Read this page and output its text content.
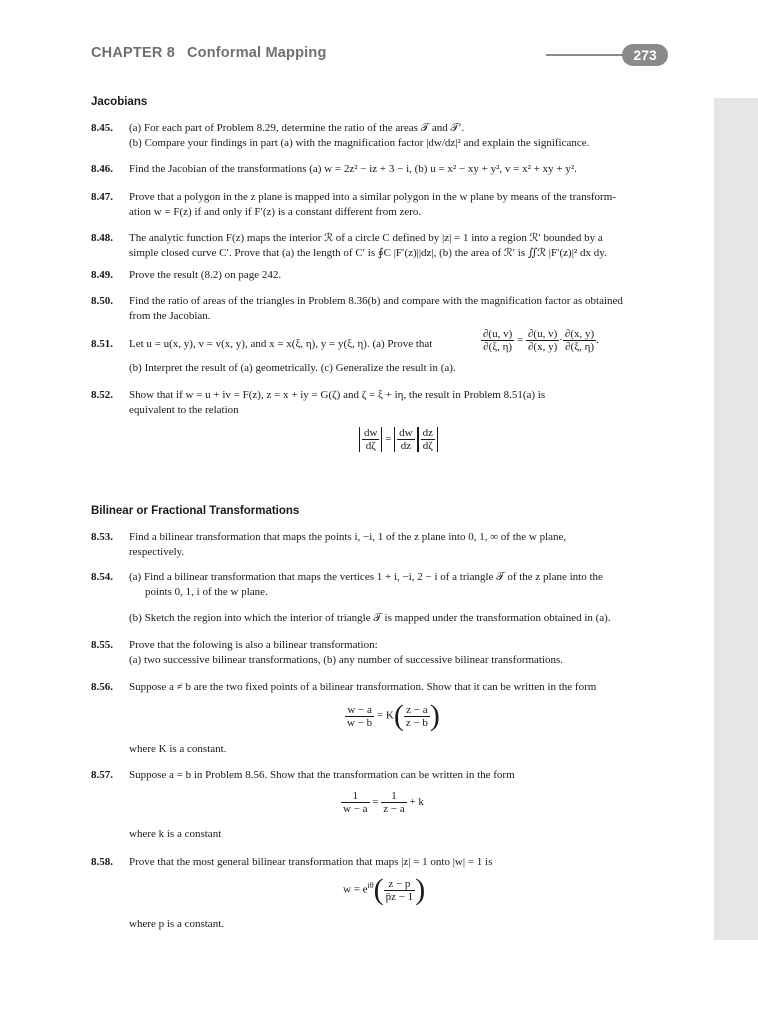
CHAPTER 8 Conformal Mapping	273
Jacobians
8.45. (a) For each part of Problem 8.29, determine the ratio of the areas 𝒯 and 𝒯′.
(b) Compare your findings in part (a) with the magnification factor |dw/dz|² and explain the significance.
8.46. Find the Jacobian of the transformations (a) w = 2z² − iz + 3 − i, (b) u = x² − xy + y², v = x² + xy + y².
8.47. Prove that a polygon in the z plane is mapped into a similar polygon in the w plane by means of the transform-
ation w = F(z) if and only if F′(z) is a constant different from zero.
8.48. The analytic function F(z) maps the interior ℛ of a circle C defined by |z| = 1 into a region ℛ′ bounded by a
simple closed curve C′. Prove that (a) the length of C′ is ∮C |F′(z)||dz|, (b) the area of ℛ′ is ∬ℛ |F′(z)|² dx dy.
8.49. Prove the result (8.2) on page 242.
8.50. Find the ratio of areas of the triangles in Problem 8.36(b) and compare with the magnification factor as obtained
from the Jacobian.
8.51. Let u = u(x, y), v = v(x, y), and x = x(ξ, η), y = y(ξ, η). (a) Prove that	$\frac{\partial(u, v)}{\partial(\xi, \eta)} = \frac{\partial(u, v)}{\partial(x, y)} \cdot \frac{\partial(x, y)}{\partial(\xi, \eta)}$ .
(b) Interpret the result of (a) geometrically. (c) Generalize the result in (a).
8.52. Show that if w = u + iv = F(z), z = x + iy = G(ζ) and ζ = ξ + iη, the result in Problem 8.51(a) is
equivalent to the relation
$\frac{dw}{d\zeta} = \frac{dw}{dz} \frac{dz}{d\zeta}$
Bilinear or Fractional Transformations
8.53. Find a bilinear transformation that maps the points i, −i, 1 of the z plane into 0, 1, ∞ of the w plane,
respectively.
8.54. (a) Find a bilinear transformation that maps the vertices 1 + i, −i, 2 − i of a triangle 𝒯 of the z plane into the
points 0, 1, i of the w plane.
(b) Sketch the region into which the interior of triangle 𝒯 is mapped under the transformation obtained in (a).
8.55. Prove that the folowing is also a bilinear transformation:
(a) two successive bilinear transformations, (b) any number of successive bilinear transformations.
8.56. Suppose a ≠ b are the two fixed points of a bilinear transformation. Show that it can be written in the form
$\frac{w - a}{w - b} = K( \frac{z - a}{z - b}$ )
where K is a constant.
8.57. Suppose a = b in Problem 8.56. Show that the transformation can be written in the form
$\frac{1}{w - a} = \frac{1}{z - a} + k$
where k is a constant
8.58. Prove that the most general bilinear transformation that maps |z| = 1 onto |w| = 1 is
$w = e^{i\theta}( \frac{z - p}{p̄z - 1}$ )
where p is a constant.
